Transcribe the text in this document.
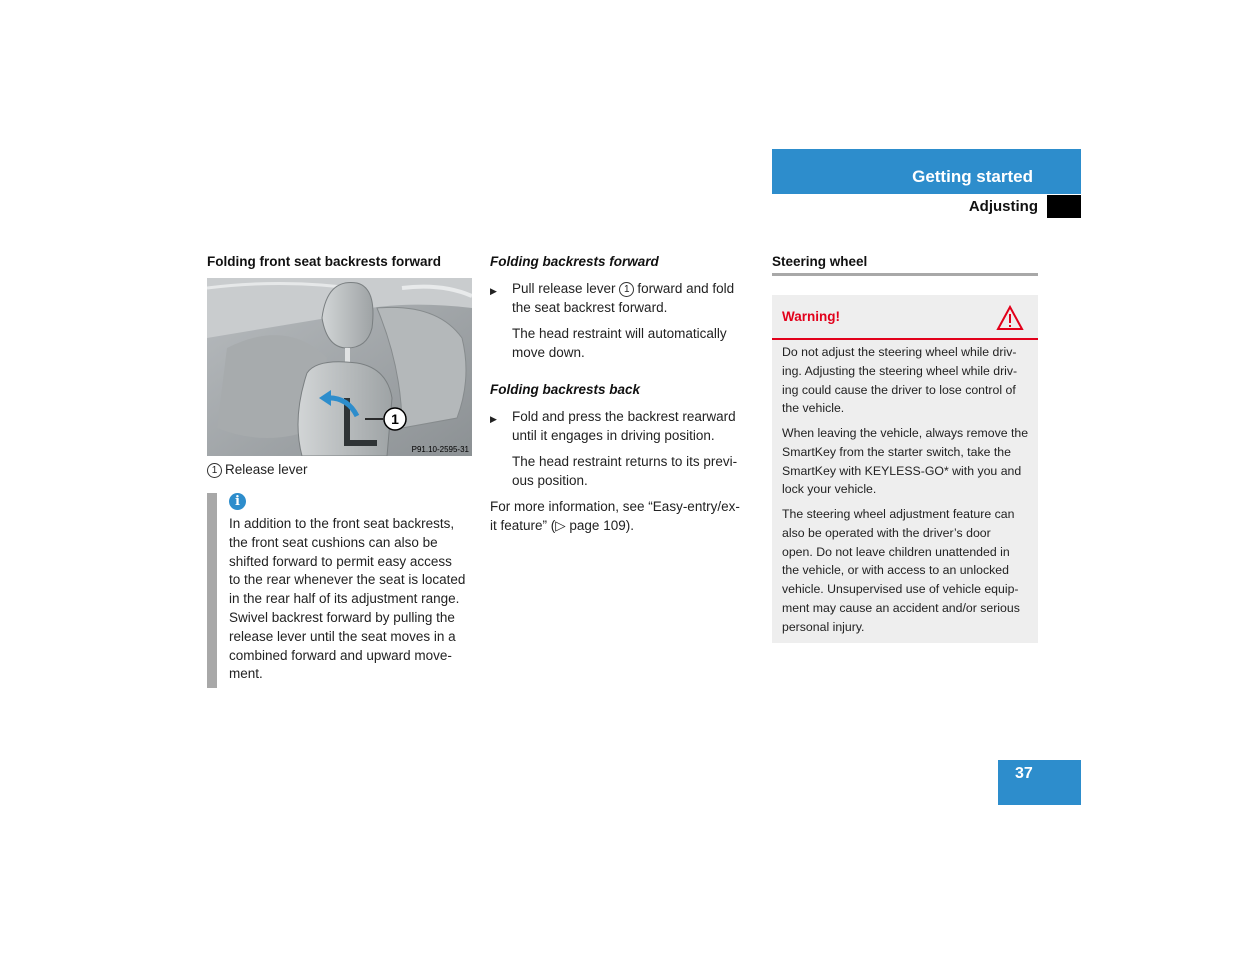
Getting started
Adjusting
Folding front seat backrests forward
1
P91.10-2595-31
1 Release lever
i
In addition to the front seat backrests,
the front seat cushions can also be
shifted forward to permit easy access
to the rear whenever the seat is located
in the rear half of its adjustment range.
Swivel backrest forward by pulling the
release lever until the seat moves in a
combined forward and upward move-
ment.
Folding backrests forward
▶ Pull release lever 1 forward and fold
the seat backrest forward.
The head restraint will automatically
move down.
Folding backrests back
▶ Fold and press the backrest rearward
until it engages in driving position.
The head restraint returns to its previ-
ous position.
For more information, see “Easy-entry/ex-
it feature” (▷ page 109).
Steering wheel
Warning!
Do not adjust the steering wheel while driv-
ing. Adjusting the steering wheel while driv-
ing could cause the driver to lose control of
the vehicle.
When leaving the vehicle, always remove the
SmartKey from the starter switch, take the
SmartKey with KEYLESS-GO* with you and
lock your vehicle.
The steering wheel adjustment feature can
also be operated with the driver’s door
open. Do not leave children unattended in
the vehicle, or with access to an unlocked
vehicle. Unsupervised use of vehicle equip-
ment may cause an accident and/or serious
personal injury.
37
